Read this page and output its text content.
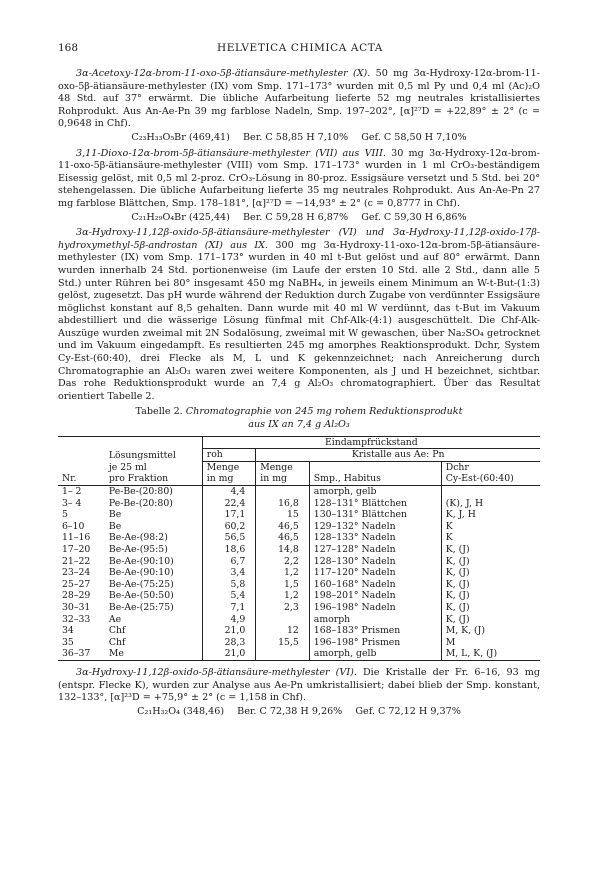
168	HELVETICA CHIMICA ACTA

3α-Acetoxy-12α-brom-11-oxo-5β-ätiansäure-methylester (X). 50 mg 3α-Hydroxy-12α-brom-11-oxo-5β-ätiansäure-methylester (IX) vom Smp. 171–173° wurden mit 0,5 ml Py und 0,4 ml (Ac)₂O 48 Std. auf 37° erwärmt. Die übliche Aufarbeitung lieferte 52 mg neutrales kristallisiertes Rohprodukt. Aus An-Ae-Pn 39 mg farblose Nadeln, Smp. 197–202°, [α]²⁷D = +22,89° ± 2° (c = 0,9648 in Chf).

C₂₃H₃₃O₅Br (469,41) Ber. C 58,85 H 7,10% Gef. C 58,50 H 7,10%

3,11-Dioxo-12α-brom-5β-ätiansäure-methylester (VII) aus VIII. 30 mg 3α-Hydroxy-12α-brom-11-oxo-5β-ätiansäure-methylester (VIII) vom Smp. 171–173° wurden in 1 ml CrO₃-beständigem Eisessig gelöst, mit 0,5 ml 2-proz. CrO₃-Lösung in 80-proz. Essigsäure versetzt und 5 Std. bei 20° stehengelassen. Die übliche Aufarbeitung lieferte 35 mg neutrales Rohprodukt. Aus An-Ae-Pn 27 mg farblose Blättchen, Smp. 178–181°, [α]²⁷D = −14,93° ± 2° (c = 0,8777 in Chf).

C₂₁H₂₉O₄Br (425,44) Ber. C 59,28 H 6,87% Gef. C 59,30 H 6,86%

3α-Hydroxy-11,12β-oxido-5β-ätiansäure-methylester (VI) und 3α-Hydroxy-11,12β-oxido-17β-hydroxymethyl-5β-androstan (XI) aus IX. 300 mg 3α-Hydroxy-11-oxo-12α-brom-5β-ätiansäure-methylester (IX) vom Smp. 171–173° wurden in 40 ml t-But gelöst und auf 80° erwärmt. Dann wurden innerhalb 24 Std. portionenweise (im Laufe der ersten 10 Std. alle 2 Std., dann alle 5 Std.) unter Rühren bei 80° insgesamt 450 mg NaBH₄, in jeweils einem Minimum an W-t-But-(1:3) gelöst, zugesetzt. Das pH wurde während der Reduktion durch Zugabe von verdünnter Essigsäure möglichst konstant auf 8,5 gehalten. Dann wurde mit 40 ml W verdünnt, das t-But im Vakuum abdestilliert und die wässerige Lösung fünfmal mit Chf-Alk-(4:1) ausgeschüttelt. Die Chf-Alk-Auszüge wurden zweimal mit 2N Sodalösung, zweimal mit W gewaschen, über Na₂SO₄ getrocknet und im Vakuum eingedampft. Es resultierten 245 mg amorphes Reaktionsprodukt. Dchr, System Cy-Est-(60:40), drei Flecke als M, L und K gekennzeichnet; nach Anreicherung durch Chromatographie an Al₂O₃ waren zwei weitere Komponenten, als J und H bezeichnet, sichtbar. Das rohe Reduktionsprodukt wurde an 7,4 g Al₂O₃ chromatographiert. Über das Resultat orientiert Tabelle 2.

Tabelle 2. Chromatographie von 245 mg rohem Reduktionsprodukt
aus IX an 7,4 g Al₂O₃
		Eindampfrückstand			
	Lösungsmittel	roh	Kristalle aus Ae: Pn		
	je 25 ml	Menge	Menge		Dchr
Nr.	pro Fraktion	in mg	in mg	Smp., Habitus	Cy-Est-(60:40)
1– 2	Pe-Be-(20:80)	4,4		amorph, gelb	
3– 4	Pe-Be-(20:80)	22,4	16,8	128–131° Blättchen	(K), J, H
5	Be	17,1	15	130–131° Blättchen	K, J, H
6–10	Be	60,2	46,5	129–132° Nadeln	K
11–16	Be-Ae-(98:2)	56,5	46,5	128–133° Nadeln	K
17–20	Be-Ae-(95:5)	18,6	14,8	127–128° Nadeln	K, (J)
21–22	Be-Ae-(90:10)	6,7	2,2	128–130° Nadeln	K, (J)
23–24	Be-Ae-(90:10)	3,4	1,2	117–120° Nadeln	K, (J)
25–27	Be-Ae-(75:25)	5,8	1,5	160–168° Nadeln	K, (J)
28–29	Be-Ae-(50:50)	5,4	1,2	198–201° Nadeln	K, (J)
30–31	Be-Ae-(25:75)	7,1	2,3	196–198° Nadeln	K, (J)
32–33	Ae	4,9		amorph	K, (J)
34	Chf	21,0	12	168–183° Prismen	M, K, (J)
35	Chf	28,3	15,5	196–198° Prismen	M
36–37	Me	21,0		amorph, gelb	M, L, K, (J)

3α-Hydroxy-11,12β-oxido-5β-ätiansäure-methylester (VI). Die Kristalle der Fr. 6–16, 93 mg (entspr. Flecke K), wurden zur Analyse aus Ae-Pn umkristallisiert; dabei blieb der Smp. konstant, 132–133°, [α]²³D = +75,9° ± 2° (c = 1,158 in Chf).

C₂₁H₃₂O₄ (348,46) Ber. C 72,38 H 9,26% Gef. C 72,12 H 9,37%
